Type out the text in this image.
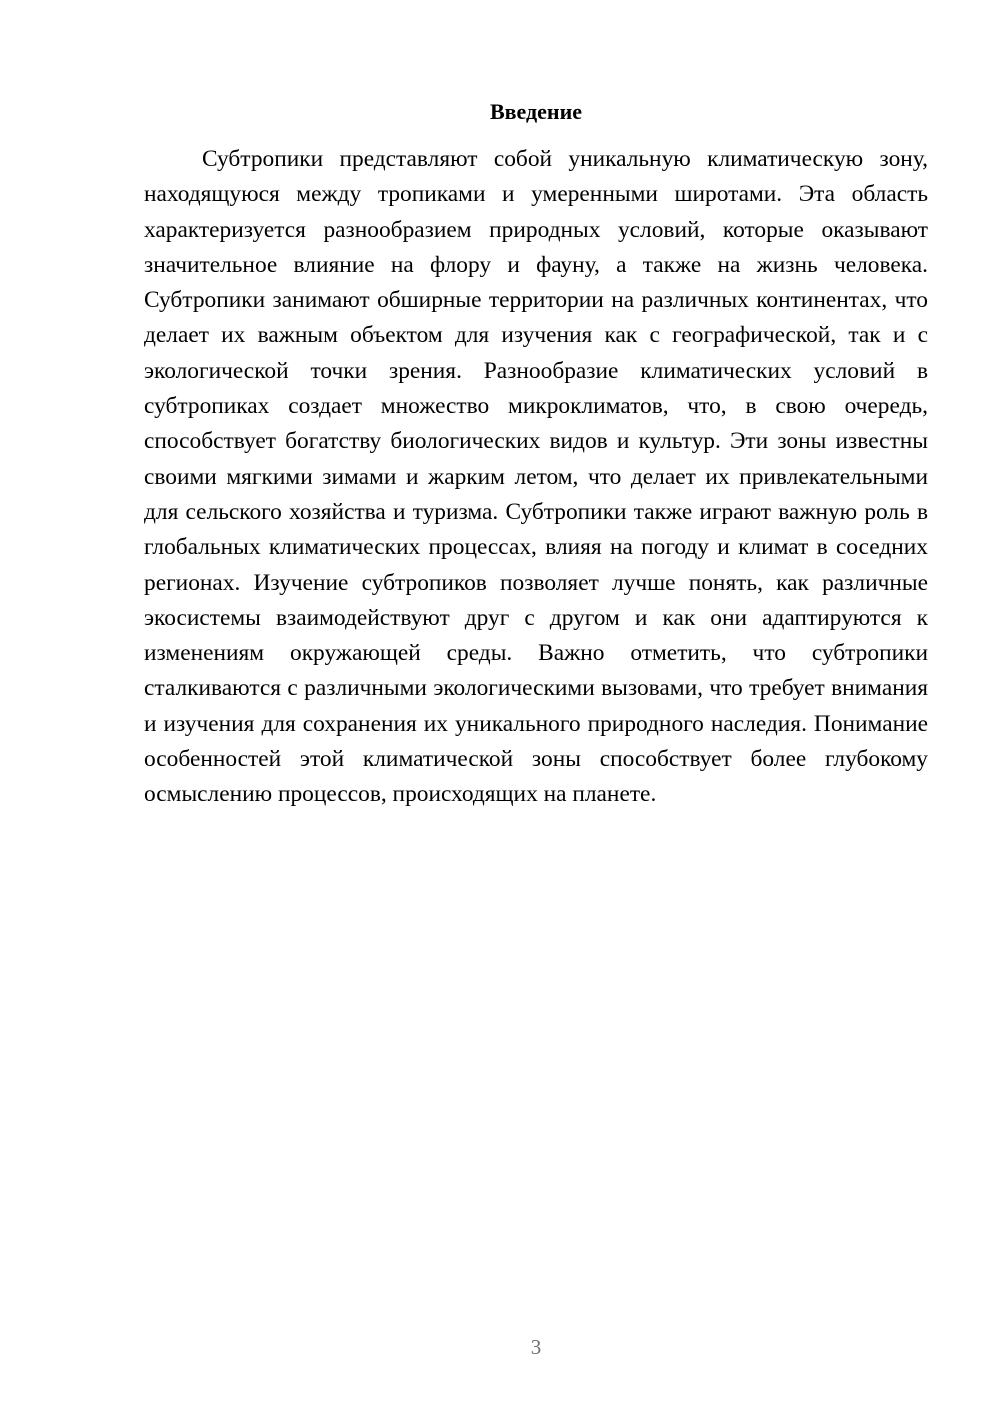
Введение

Субтропики представляют собой уникальную климатическую зону, находящуюся между тропиками и умеренными широтами. Эта область характеризуется разнообразием природных условий, которые оказывают значительное влияние на флору и фауну, а также на жизнь человека. Субтропики занимают обширные территории на различных континентах, что делает их важным объектом для изучения как с географической, так и с экологической точки зрения. Разнообразие климатических условий в субтропиках создает множество микроклиматов, что, в свою очередь, способствует богатству биологических видов и культур. Эти зоны известны своими мягкими зимами и жарким летом, что делает их привлекательными для сельского хозяйства и туризма. Субтропики также играют важную роль в глобальных климатических процессах, влияя на погоду и климат в соседних регионах. Изучение субтропиков позволяет лучше понять, как различные экосистемы взаимодействуют друг с другом и как они адаптируются к изменениям окружающей среды. Важно отметить, что субтропики сталкиваются с различными экологическими вызовами, что требует внимания и изучения для сохранения их уникального природного наследия. Понимание особенностей этой климатической зоны способствует более глубокому осмыслению процессов, происходящих на планете.

3
